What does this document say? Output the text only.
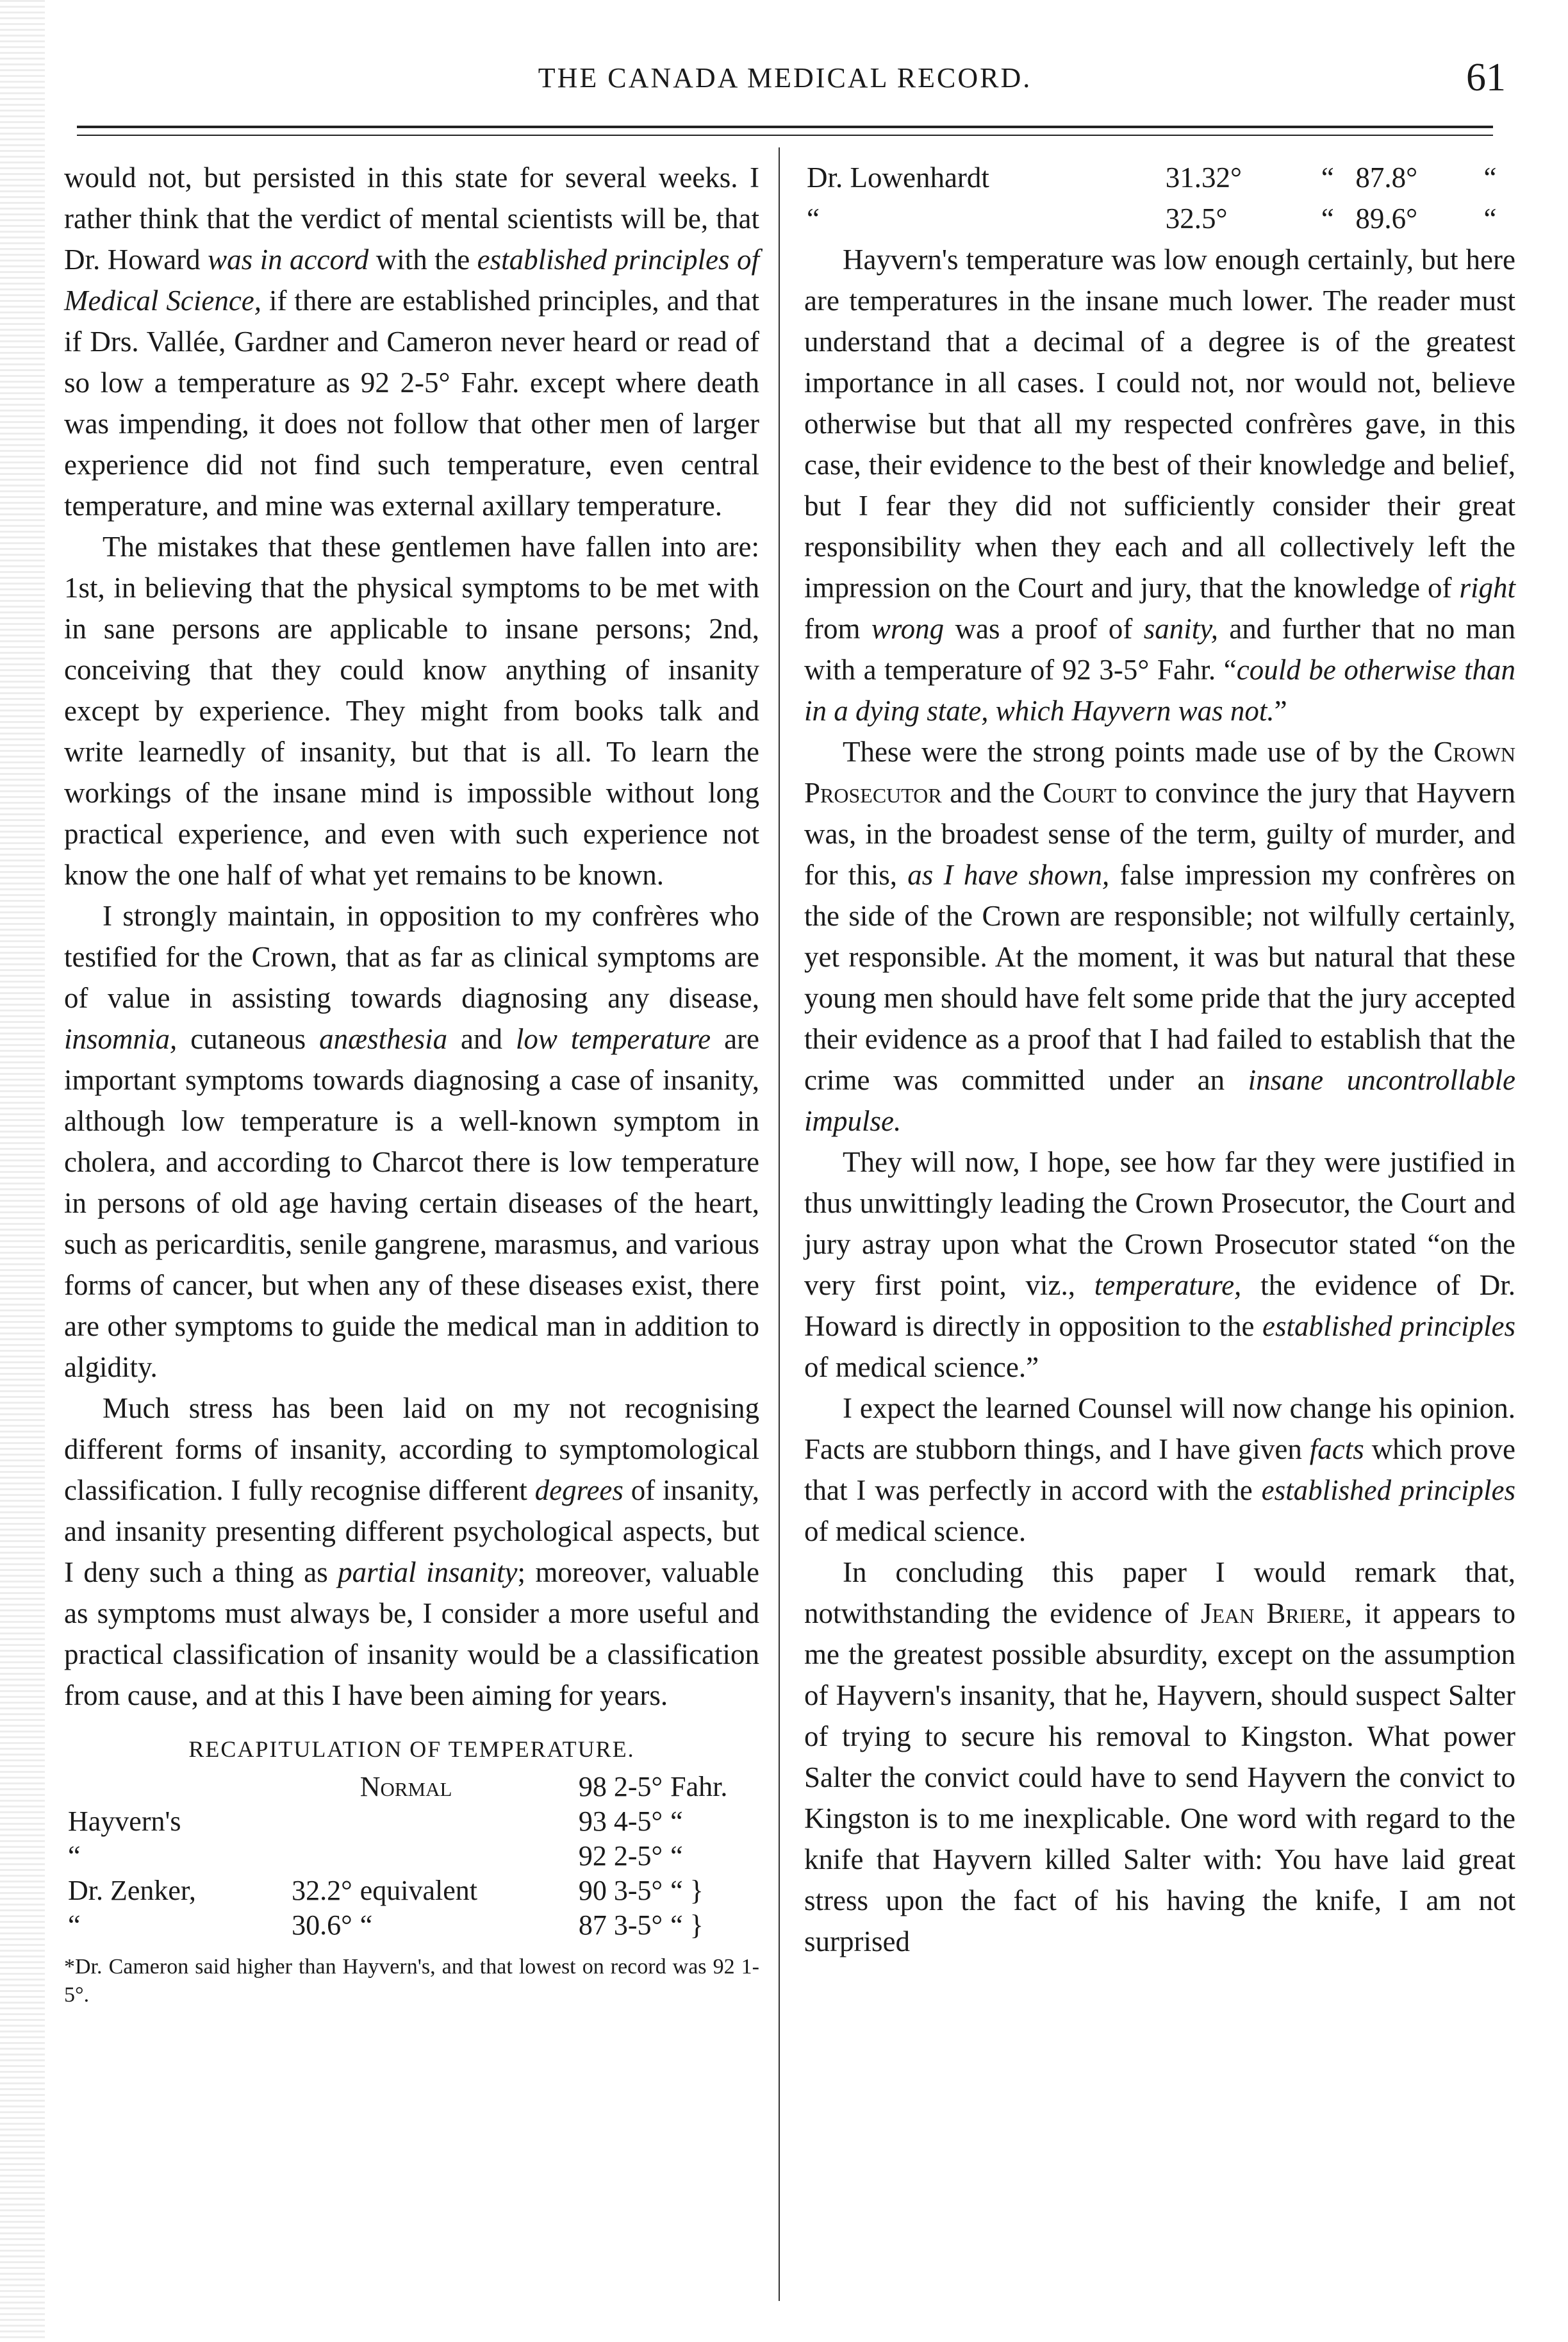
THE CANADA MEDICAL RECORD.	61

would not, but persisted in this state for several weeks. I rather think that the verdict of mental scientists will be, that Dr. Howard was in accord with the established principles of Medical Science, if there are established principles, and that if Drs. Vallée, Gardner and Cameron never heard or read of so low a temperature as 92 2-5° Fahr. except where death was impending, it does not follow that other men of larger experience did not find such temperature, even central temperature, and mine was external axillary temperature.

The mistakes that these gentlemen have fallen into are: 1st, in believing that the physical symptoms to be met with in sane persons are applicable to insane persons; 2nd, conceiving that they could know anything of insanity except by experience. They might from books talk and write learnedly of insanity, but that is all. To learn the workings of the insane mind is impossible without long practical experience, and even with such experience not know the one half of what yet remains to be known.

I strongly maintain, in opposition to my confrères who testified for the Crown, that as far as clinical symptoms are of value in assisting towards diagnosing any disease, insomnia, cutaneous anæsthesia and low temperature are important symptoms towards diagnosing a case of insanity, although low temperature is a well-known symptom in cholera, and according to Charcot there is low temperature in persons of old age having certain diseases of the heart, such as pericarditis, senile gangrene, marasmus, and various forms of cancer, but when any of these diseases exist, there are other symptoms to guide the medical man in addition to algidity.

Much stress has been laid on my not recognising different forms of insanity, according to symptomological classification. I fully recognise different degrees of insanity, and insanity presenting different psychological aspects, but I deny such a thing as partial insanity; moreover, valuable as symptoms must always be, I consider a more useful and practical classification of insanity would be a classification from cause, and at this I have been aiming for years.

RECAPITULATION OF TEMPERATURE.
		Normal	98 2-5°	Fahr.
Hayvern's			93 4-5°	“
“			92 2-5°	“
Dr. Zenker,	32.2°	equivalent	90 3-5°	“ }
“	30.6°	“	87 3-5°	“ }
*Dr. Cameron said higher than Hayvern's, and that lowest on record was 92 1-5°.
Dr. Lowenhardt	31.32°	“	87.8°	“
“	32.5°	“	89.6°	“

Hayvern's temperature was low enough certainly, but here are temperatures in the insane much lower. The reader must understand that a decimal of a degree is of the greatest importance in all cases. I could not, nor would not, believe otherwise but that all my respected confrères gave, in this case, their evidence to the best of their knowledge and belief, but I fear they did not sufficiently consider their great responsibility when they each and all collectively left the impression on the Court and jury, that the knowledge of right from wrong was a proof of sanity, and further that no man with a temperature of 92 3-5° Fahr. “could be otherwise than in a dying state, which Hayvern was not.”

These were the strong points made use of by the Crown Prosecutor and the Court to convince the jury that Hayvern was, in the broadest sense of the term, guilty of murder, and for this, as I have shown, false impression my confrères on the side of the Crown are responsible; not wilfully certainly, yet responsible. At the moment, it was but natural that these young men should have felt some pride that the jury accepted their evidence as a proof that I had failed to establish that the crime was committed under an insane uncontrollable impulse.

They will now, I hope, see how far they were justified in thus unwittingly leading the Crown Prosecutor, the Court and jury astray upon what the Crown Prosecutor stated “on the very first point, viz., temperature, the evidence of Dr. Howard is directly in opposition to the established principles of medical science.”

I expect the learned Counsel will now change his opinion. Facts are stubborn things, and I have given facts which prove that I was perfectly in accord with the established principles of medical science.

In concluding this paper I would remark that, notwithstanding the evidence of Jean Briere, it appears to me the greatest possible absurdity, except on the assumption of Hayvern's insanity, that he, Hayvern, should suspect Salter of trying to secure his removal to Kingston. What power Salter the convict could have to send Hayvern the convict to Kingston is to me inexplicable. One word with regard to the knife that Hayvern killed Salter with: You have laid great stress upon the fact of his having the knife, I am not surprised
